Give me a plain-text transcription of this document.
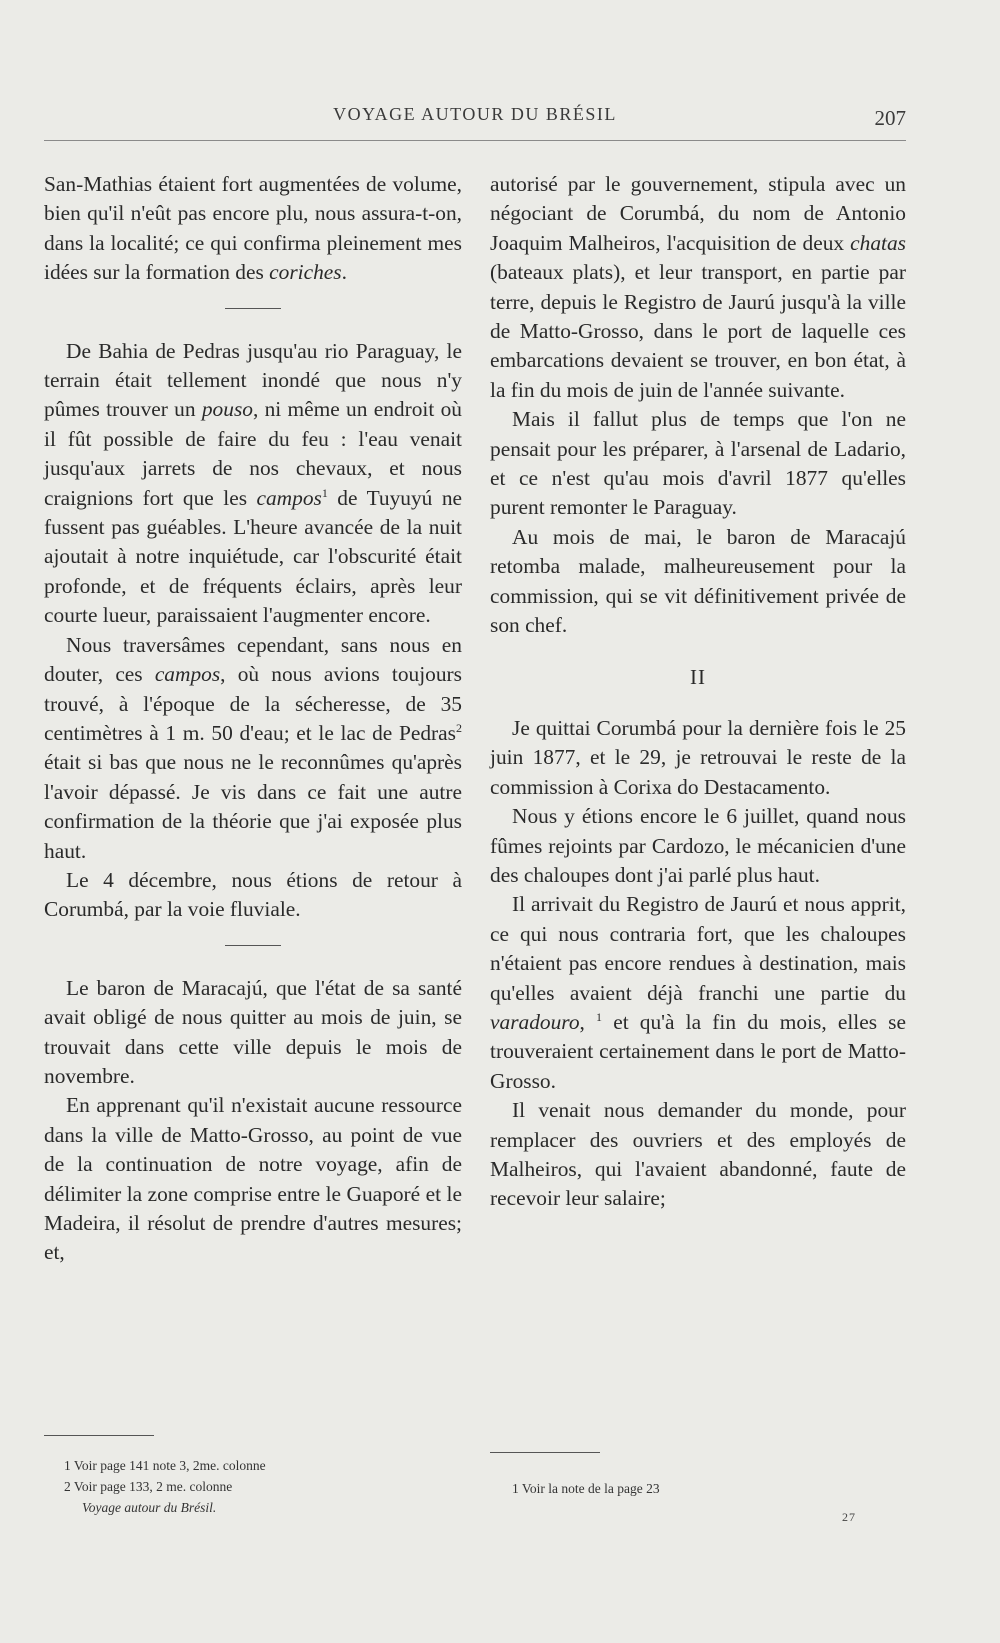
VOYAGE AUTOUR DU BRÉSIL	207

San-Mathias étaient fort augmentées de volume, bien qu'il n'eût pas encore plu, nous assura-t-on, dans la localité; ce qui confirma pleinement mes idées sur la formation des coriches.

De Bahia de Pedras jusqu'au rio Paraguay, le terrain était tellement inondé que nous n'y pûmes trouver un pouso, ni même un endroit où il fût possible de faire du feu : l'eau venait jusqu'aux jarrets de nos chevaux, et nous craignions fort que les campos$^1$ de Tuyuyú ne fussent pas guéables. L'heure avancée de la nuit ajoutait à notre inquiétude, car l'obscurité était profonde, et de fréquents éclairs, après leur courte lueur, paraissaient l'augmenter encore.

Nous traversâmes cependant, sans nous en douter, ces campos, où nous avions toujours trouvé, à l'époque de la sécheresse, de 35 centimètres à 1 m. 50 d'eau; et le lac de Pedras$^2$ était si bas que nous ne le reconnûmes qu'après l'avoir dépassé. Je vis dans ce fait une autre confirmation de la théorie que j'ai exposée plus haut.

Le 4 décembre, nous étions de retour à Corumbá, par la voie fluviale.

Le baron de Maracajú, que l'état de sa santé avait obligé de nous quitter au mois de juin, se trouvait dans cette ville depuis le mois de novembre.

En apprenant qu'il n'existait aucune ressource dans la ville de Matto-Grosso, au point de vue de la continuation de notre voyage, afin de délimiter la zone comprise entre le Guaporé et le Madeira, il résolut de prendre d'autres mesures; et,

autorisé par le gouvernement, stipula avec un négociant de Corumbá, du nom de Antonio Joaquim Malheiros, l'acquisition de deux chatas (bateaux plats), et leur transport, en partie par terre, depuis le Registro de Jaurú jusqu'à la ville de Matto-Grosso, dans le port de laquelle ces embarcations devaient se trouver, en bon état, à la fin du mois de juin de l'année suivante.

Mais il fallut plus de temps que l'on ne pensait pour les préparer, à l'arsenal de Ladario, et ce n'est qu'au mois d'avril 1877 qu'elles purent remonter le Paraguay.

Au mois de mai, le baron de Maracajú retomba malade, malheureusement pour la commission, qui se vit définitivement privée de son chef.

II

Je quittai Corumbá pour la dernière fois le 25 juin 1877, et le 29, je retrouvai le reste de la commission à Corixa do Destacamento.

Nous y étions encore le 6 juillet, quand nous fûmes rejoints par Cardozo, le mécanicien d'une des chaloupes dont j'ai parlé plus haut.

Il arrivait du Registro de Jaurú et nous apprit, ce qui nous contraria fort, que les chaloupes n'étaient pas encore rendues à destination, mais qu'elles avaient déjà franchi une partie du varadouro, $^1$ et qu'à la fin du mois, elles se trouveraient certainement dans le port de Matto-Grosso.

Il venait nous demander du monde, pour remplacer des ouvriers et des employés de Malheiros, qui l'avaient abandonné, faute de recevoir leur salaire;

1 Voir page 141 note 3, 2me. colonne
2 Voir page 133, 2 me. colonne
Voyage autour du Brésil.
1 Voir la note de la page 23
27
